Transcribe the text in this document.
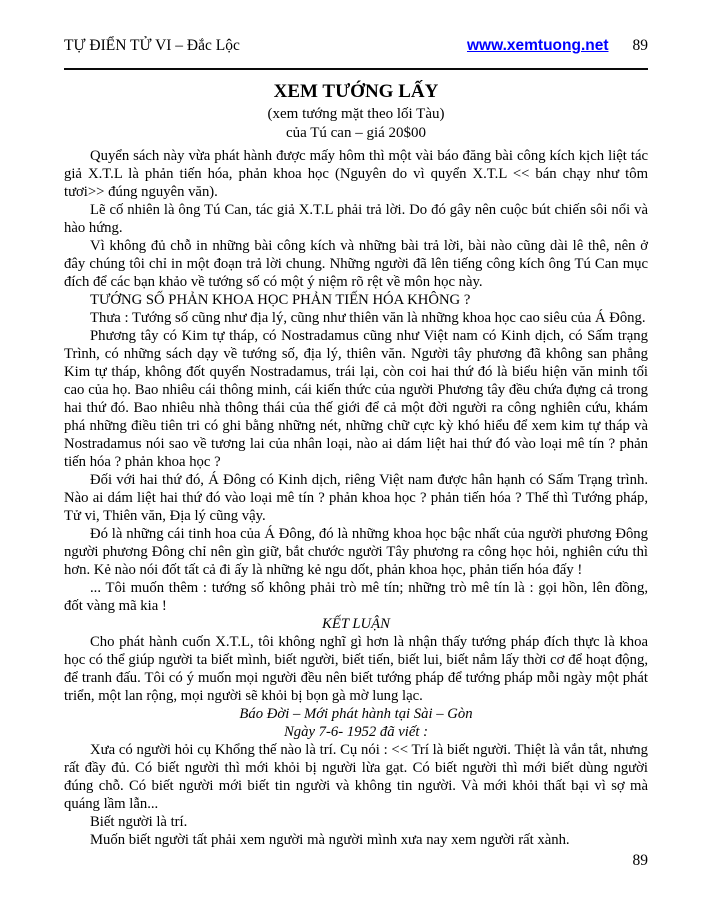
TỰ ĐIỂN TỬ VI – Đắc Lộc	www.xemtuong.net 89

XEM TƯỚNG LẤY

(xem tướng mặt theo lối Tàu)

của Tú can – giá 20$00

Quyển sách này vừa phát hành được mấy hôm thì một vài báo đăng bài công kích kịch liệt tác giả X.T.L là phản tiến hóa, phản khoa học (Nguyên do vì quyển X.T.L << bán chạy như tôm tươi>> đúng nguyên văn).

Lẽ cố nhiên là ông Tú Can, tác giả X.T.L phải trả lời. Do đó gây nên cuộc bút chiến sôi nổi và hào hứng.

Vì không đủ chỗ in những bài công kích và những bài trả lời, bài nào cũng dài lê thê, nên ở đây chúng tôi chỉ in một đoạn trả lời chung. Những người đã lên tiếng công kích ông Tú Can mục đích để các bạn khảo về tướng số có một ý niệm rõ rệt về môn học này.

TƯỚNG SỐ PHẢN KHOA HỌC PHẢN TIẾN HÓA KHÔNG ?

Thưa : Tướng số cũng như địa lý, cũng như thiên văn là những khoa học cao siêu của Á Đông.

Phương tây có Kim tự tháp, có Nostradamus cũng như Việt nam có Kinh dịch, có Sấm trạng Trình, có những sách dạy về tướng số, địa lý, thiên văn. Người tây phương đã không san phẳng Kim tự tháp, không đốt quyển Nostradamus, trái lại, còn coi hai thứ đó là biểu hiện văn minh tối cao của họ. Bao nhiêu cái thông minh, cái kiến thức của người Phương tây đều chứa đựng cả trong hai thứ đó. Bao nhiêu nhà thông thái của thế giới để cả một đời người ra công nghiên cứu, khám phá những điều tiên tri có ghi bằng những nét, những chữ cực kỳ khó hiểu để xem kim tự tháp và Nostradamus nói sao về tương lai của nhân loại, nào ai dám liệt hai thứ đó vào loại mê tín ? phản tiến hóa ? phản khoa học ?

Đối với hai thứ đó, Á Đông có Kinh dịch, riêng Việt nam được hân hạnh có Sấm Trạng trình. Nào ai dám liệt hai thứ đó vào loại mê tín ? phản khoa học ? phản tiến hóa ? Thế thì Tướng pháp, Tử vi, Thiên văn, Địa lý cũng vậy.

Đó là những cái tinh hoa của Á Đông, đó là những khoa học bậc nhất của người phương Đông người phương Đông chỉ nên gìn giữ, bắt chước người Tây phương ra công học hỏi, nghiên cứu thì hơn. Kẻ nào nói đốt tất cả đi ấy là những kẻ ngu dốt, phản khoa học, phản tiến hóa đấy !

... Tôi muốn thêm : tướng số không phải trò mê tín; những trò mê tín là : gọi hồn, lên đồng, đốt vàng mã kia !

KẾT LUẬN

Cho phát hành cuốn X.T.L, tôi không nghĩ gì hơn là nhận thấy tướng pháp đích thực là khoa học có thể giúp người ta biết mình, biết người, biết tiến, biết lui, biết nắm lấy thời cơ để hoạt động, để tranh đấu. Tôi có ý muốn mọi người đều nên biết tướng pháp để tướng pháp mỗi ngày một phát triển, một lan rộng, mọi người sẽ khỏi bị bọn gà mờ lung lạc.

Báo Đời – Mới phát hành tại Sài – Gòn

Ngày 7-6- 1952 đã viết :

Xưa có người hỏi cụ Khổng thế nào là trí. Cụ nói : << Trí là biết người. Thiệt là vắn tắt, nhưng rất đầy đủ. Có biết người thì mới khỏi bị người lừa gạt. Có biết người thì mới biết dùng người đúng chỗ. Có biết người mới biết tin người và không tin người. Và mới khỏi thất bại vì sợ mà quáng lầm lẫn...

Biết người là trí.

Muốn biết người tất phải xem người mà người mình xưa nay xem người rất xành.

89
